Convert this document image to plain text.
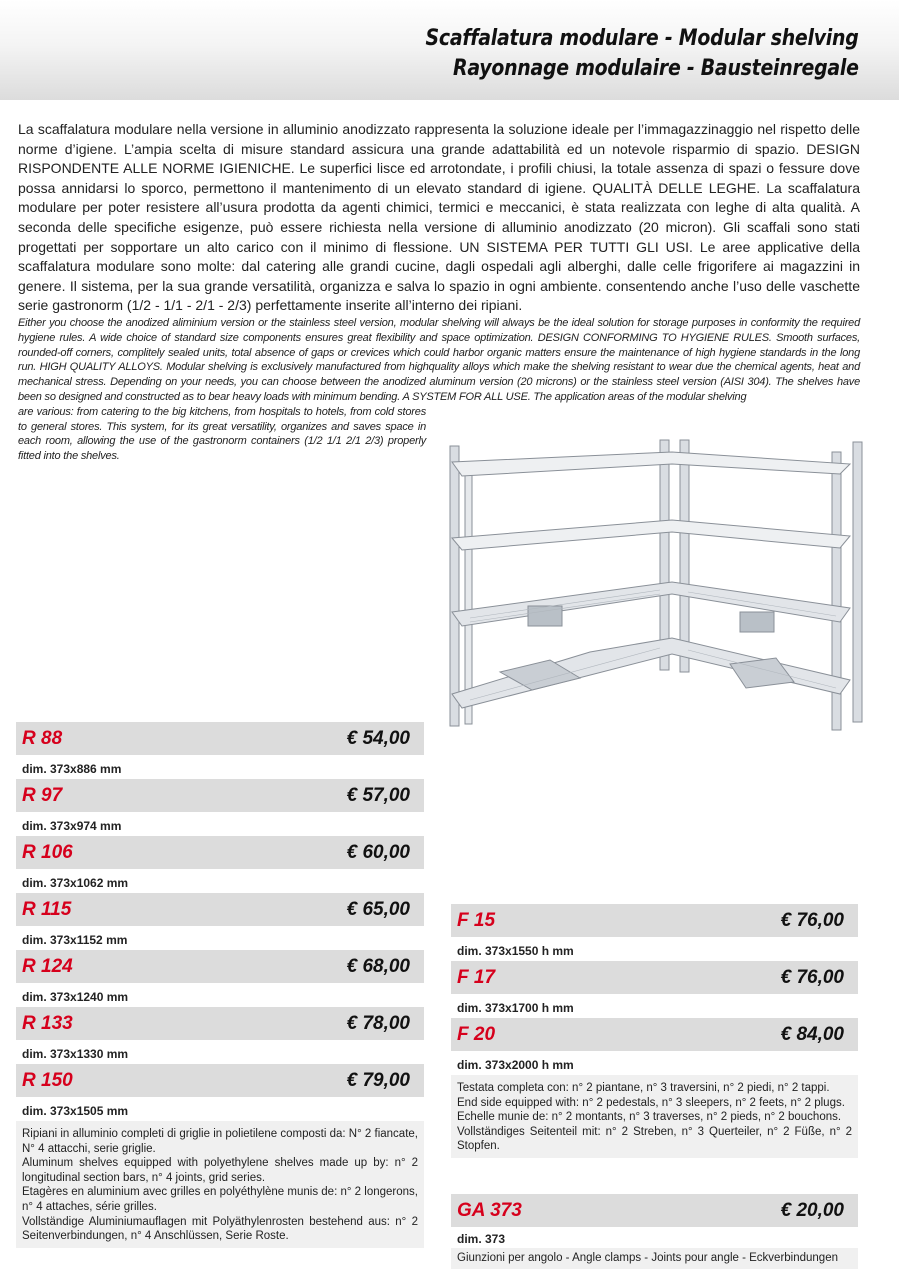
Scaffalatura modulare - Modular shelving
Rayonnage modulaire - Bausteinregale
La scaffalatura modulare nella versione in alluminio anodizzato rappresenta la soluzione ideale per l’immagazzinaggio nel rispetto delle norme d’igiene. L’ampia scelta di misure standard assicura una grande adattabilità ed un notevole risparmio di spazio. DESIGN RISPONDENTE ALLE NORME IGIENICHE. Le superfici lisce ed arrotondate, i profili chiusi, la totale assenza di spazi o fessure dove possa annidarsi lo sporco, permettono il mantenimento di un elevato standard di igiene. QUALITÀ DELLE LEGHE. La scaffalatura modulare per poter resistere all’usura prodotta da agenti chimici, termici e meccanici, è stata realizzata con leghe di alta qualità. A seconda delle specifiche esigenze, può essere richiesta nella versione di alluminio anodizzato (20 micron). Gli scaffali sono stati progettati per sopportare un alto carico con il minimo di flessione. UN SISTEMA PER TUTTI GLI USI. Le aree applicative della scaffalatura modulare sono molte: dal catering alle grandi cucine, dagli ospedali agli alberghi, dalle celle frigorifere ai magazzini in genere. Il sistema, per la sua grande versatilità, organizza e salva lo spazio in ogni ambiente. consentendo anche l’uso delle vaschette serie gastronorm (1/2 - 1/1 - 2/1 - 2/3) perfettamente inserite all’interno dei ripiani.
Either you choose the anodized aliminium version or the stainless steel version, modular shelving will always be the ideal solution for storage purposes in conformity the required hygiene rules. A wide choice of standard size components ensures great flexibility and space optimization. DESIGN CONFORMING TO HYGIENE RULES. Smooth surfaces, rounded-off corners, complitely sealed units, total absence of gaps or crevices which could harbor organic matters ensure the maintenance of high hygiene standards in the long run. HIGH QUALITY ALLOYS. Modular shelving is exclusively manufactured from highquality alloys which make the shelving resistant to wear due the chemical agents, heat and mechanical stress. Depending on your needs, you can choose between the anodized aluminum version (20 microns) or the stainless steel version (AISI 304). The shelves have been so designed and constructed as to bear heavy loads with minimum bending. A SYSTEM FOR ALL USE. The application areas of the modular shelving
are various: from catering to the big kitchens, from hospitals to hotels, from cold stores to general stores. This system, for its great versatility, organizes and saves space in each room, allowing the use of the gastronorm containers (1/2 1/1 2/1 2/3) properly fitted into the shelves.
R 88	€ 54,00
dim. 373x886 mm
R 97	€ 57,00
dim. 373x974 mm
R 106	€ 60,00
dim. 373x1062 mm
R 115	€ 65,00
dim. 373x1152 mm
R 124	€ 68,00
dim. 373x1240 mm
R 133	€ 78,00
dim. 373x1330 mm
R 150	€ 79,00
dim. 373x1505 mm

Ripiani in alluminio completi di griglie in polietilene composti da: N° 2 fiancate, N° 4 attacchi, serie griglie.

Aluminum shelves equipped with polyethylene shelves made up by: n° 2 longitudinal section bars, n° 4 joints, grid series.

Etagères en aluminium avec grilles en polyéthylène munis de: n° 2 longerons, n° 4 attaches, série grilles.

Vollständige Aluminiumauflagen mit Polyäthylenrosten bestehend aus: n° 2 Seitenverbindungen, n° 4 Anschlüssen, Serie Roste.

F 15	€ 76,00
dim. 373x1550 h mm
F 17	€ 76,00
dim. 373x1700 h mm
F 20	€ 84,00
dim. 373x2000 h mm

Testata completa con: n° 2 piantane, n° 3 traversini, n° 2 piedi, n° 2 tappi.

End side equipped with: n° 2 pedestals, n° 3 sleepers, n° 2 feets, n° 2 plugs.

Echelle munie de: n° 2 montants, n° 3 traverses, n° 2 pieds, n° 2 bouchons.

Vollständiges Seitenteil mit: n° 2 Streben, n° 3 Querteiler, n° 2 Füße, n° 2 Stopfen.

GA 373	€ 20,00
dim. 373
Giunzioni per angolo - Angle clamps - Joints pour angle - Eckverbindungen
